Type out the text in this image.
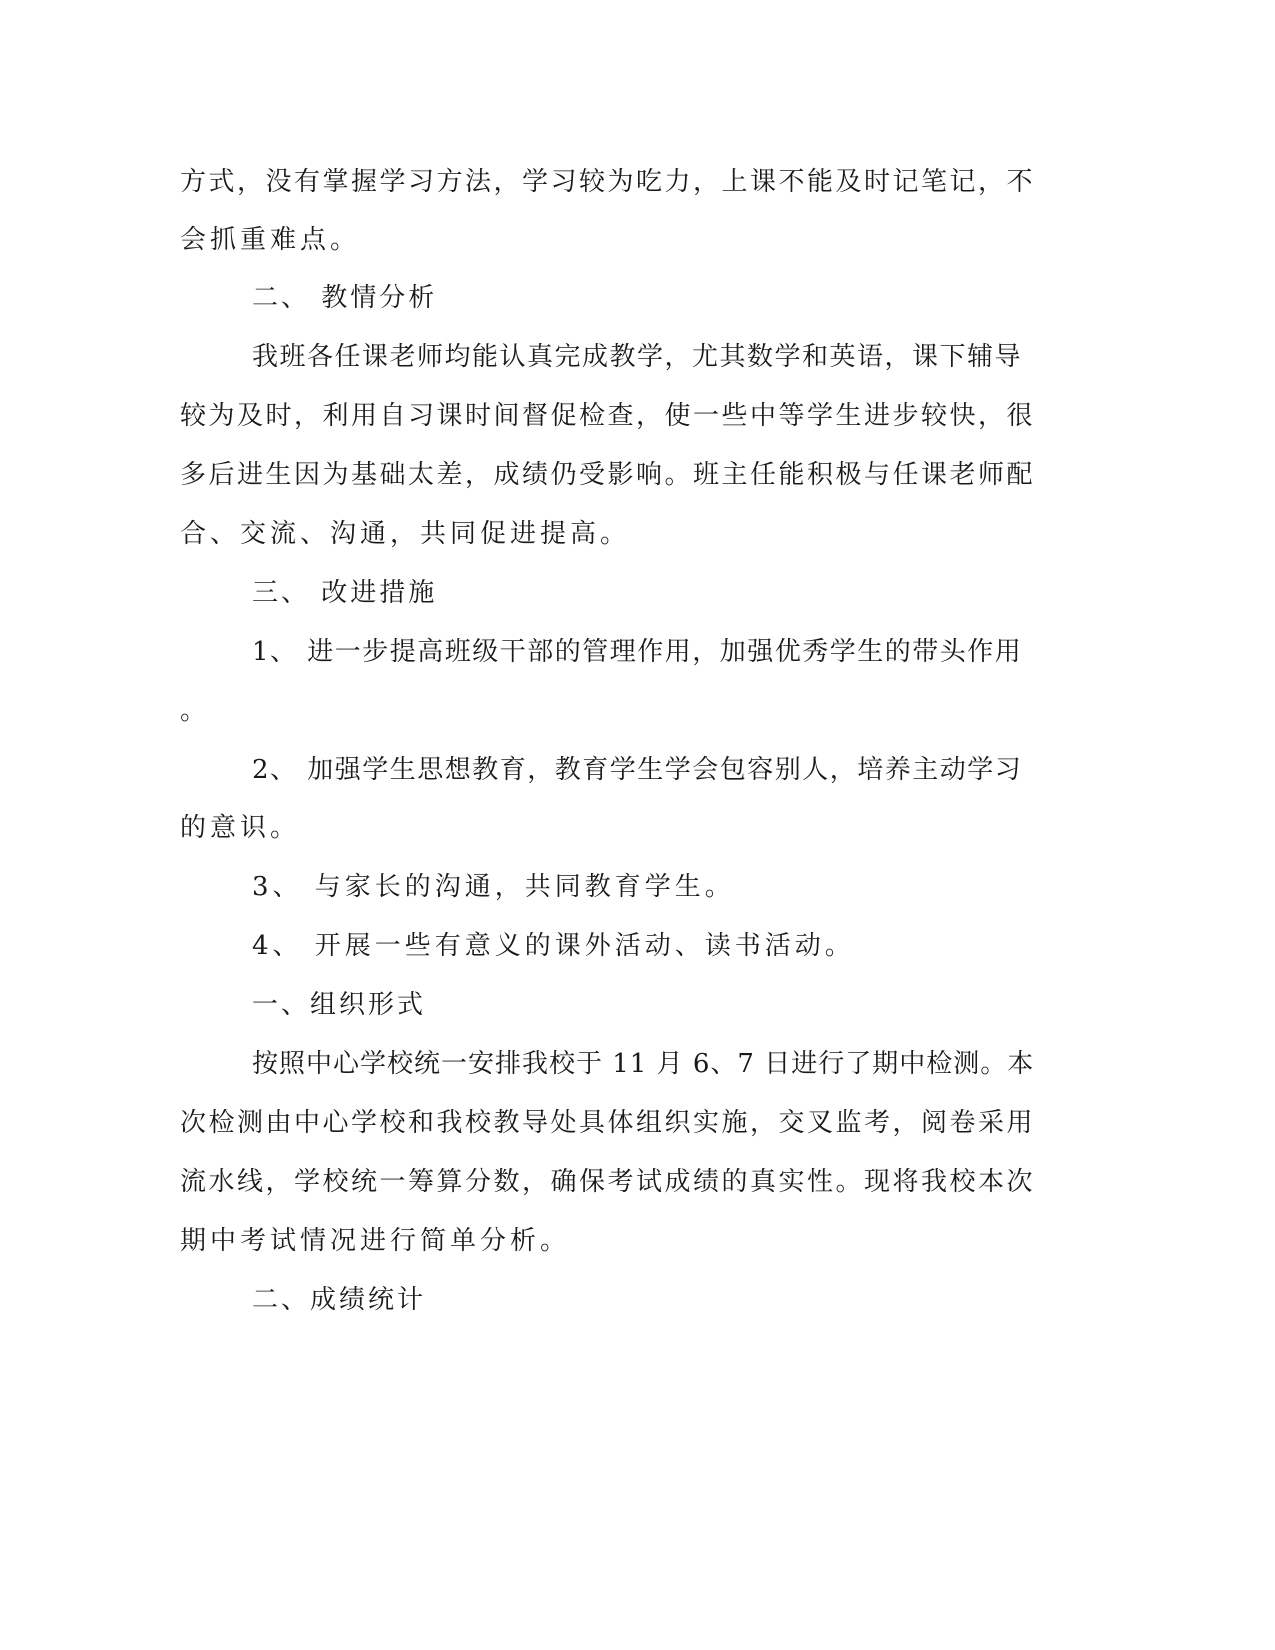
方式，没有掌握学习方法，学习较为吃力，上课不能及时记笔记，不

会抓重难点。

二、 教情分析

我班各任课老师均能认真完成教学，尤其数学和英语，课下辅导

较为及时，利用自习课时间督促检查，使一些中等学生进步较快，很

多后进生因为基础太差，成绩仍受影响。班主任能积极与任课老师配

合、交流、沟通，共同促进提高。

三、 改进措施

1、 进一步提高班级干部的管理作用，加强优秀学生的带头作用

。

2、 加强学生思想教育，教育学生学会包容别人，培养主动学习

的意识。

3、 与家长的沟通，共同教育学生。

4、 开展一些有意义的课外活动、读书活动。

一、组织形式

按照中心学校统一安排我校于 11 月 6、7 日进行了期中检测。本

次检测由中心学校和我校教导处具体组织实施，交叉监考，阅卷采用

流水线，学校统一筹算分数，确保考试成绩的真实性。现将我校本次

期中考试情况进行简单分析。

二、成绩统计
